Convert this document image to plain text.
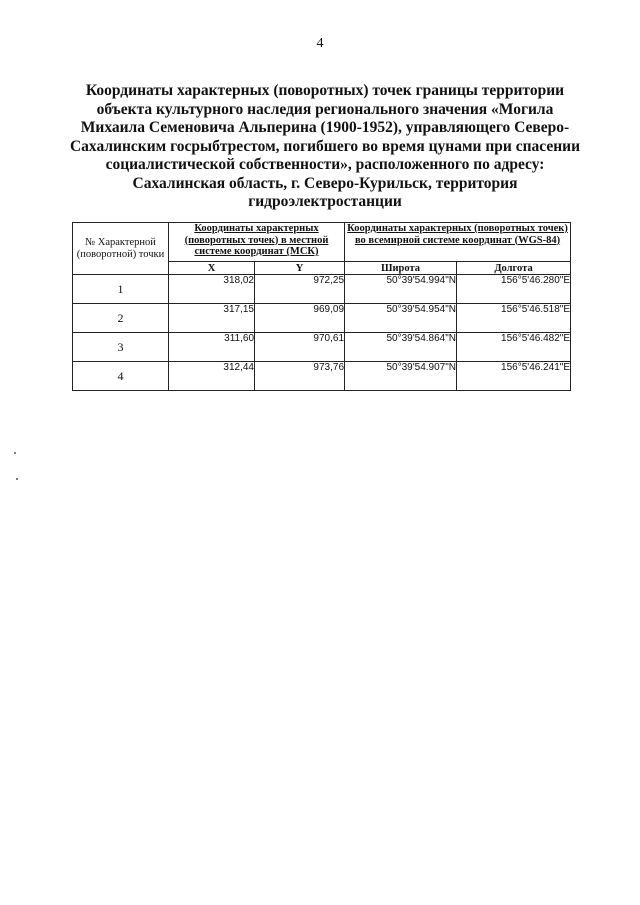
4
Координаты характерных (поворотных) точек границы территории
объекта культурного наследия регионального значения «Могила
Михаила Семеновича Альперина (1900-1952), управляющего Северо-
Сахалинским госрыбтрестом, погибшего во время цунами при спасении
социалистической собственности», расположенного по адресу:
Сахалинская область, г. Северо-Курильск, территория
гидроэлектростанции
№ Характерной (поворотной) точки	Координаты характерных (поворотных точек) в местной системе координат (МСК)		Координаты характерных (поворотных точек) во всемирной системе координат (WGS-84)	
	X	Y	Широта	Долгота
1	318,02	972,25	50°39'54.994"N	156°5'46.280"E
2	317,15	969,09	50°39'54.954"N	156°5'46.518"E
3	311,60	970,61	50°39'54.864"N	156°5'46.482"E
4	312,44	973,76	50°39'54.907"N	156°5'46.241"E
